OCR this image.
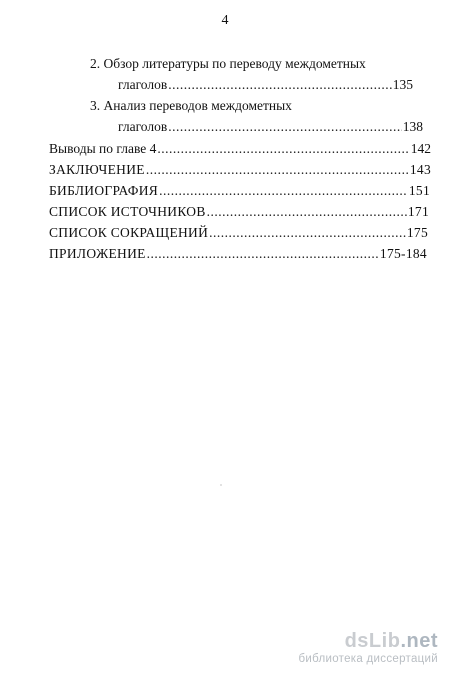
4
2. Обзор литературы по переводу междометных
глаголов .....	135
3. Анализ переводов междометных
глаголов .....	138
Выводы по главе 4 .....	142
ЗАКЛЮЧЕНИЕ .....	143
БИБЛИОГРАФИЯ .....	151
СПИСОК ИСТОЧНИКОВ .....	171
СПИСОК СОКРАЩЕНИЙ .....	175
ПРИЛОЖЕНИЕ .....	175-184
dsLib.net
библиотека диссертаций
